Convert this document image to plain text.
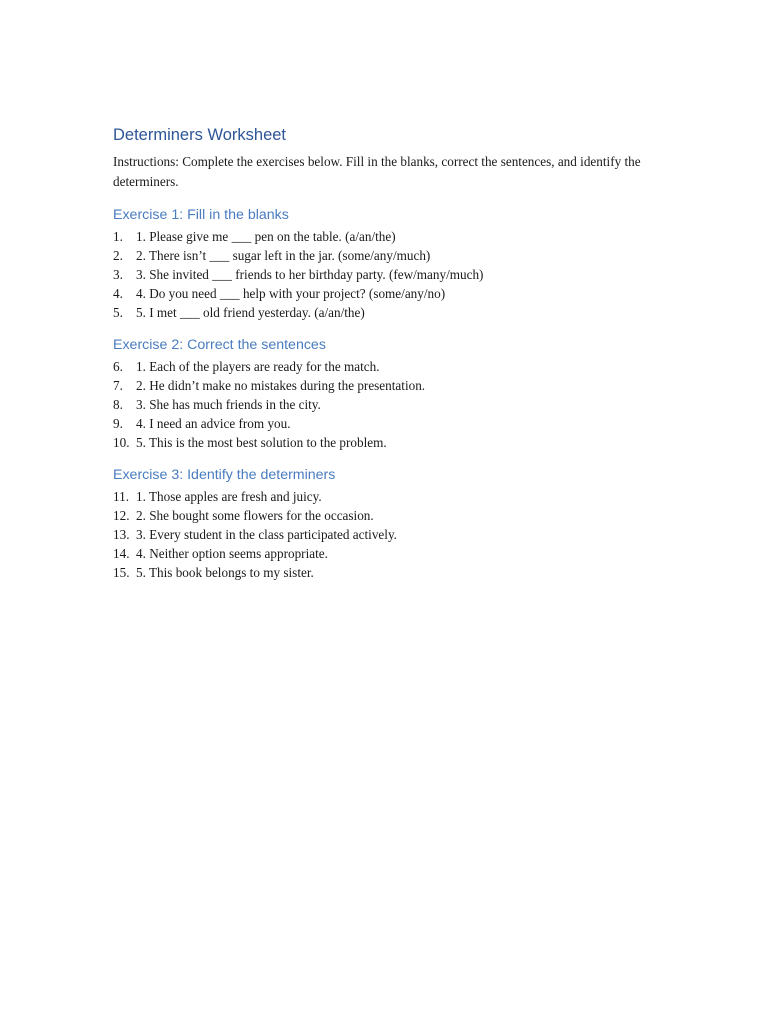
Determiners Worksheet

Instructions: Complete the exercises below. Fill in the blanks, correct the sentences, and identify the determiners.

Exercise 1: Fill in the blanks
1. 1. Please give me ___ pen on the table. (a/an/the)
2. 2. There isn’t ___ sugar left in the jar. (some/any/much)
3. 3. She invited ___ friends to her birthday party. (few/many/much)
4. 4. Do you need ___ help with your project? (some/any/no)
5. 5. I met ___ old friend yesterday. (a/an/the)
Exercise 2: Correct the sentences
6. 1. Each of the players are ready for the match.
7. 2. He didn’t make no mistakes during the presentation.
8. 3. She has much friends in the city.
9. 4. I need an advice from you.
10. 5. This is the most best solution to the problem.
Exercise 3: Identify the determiners
11. 1. Those apples are fresh and juicy.
12. 2. She bought some flowers for the occasion.
13. 3. Every student in the class participated actively.
14. 4. Neither option seems appropriate.
15. 5. This book belongs to my sister.
